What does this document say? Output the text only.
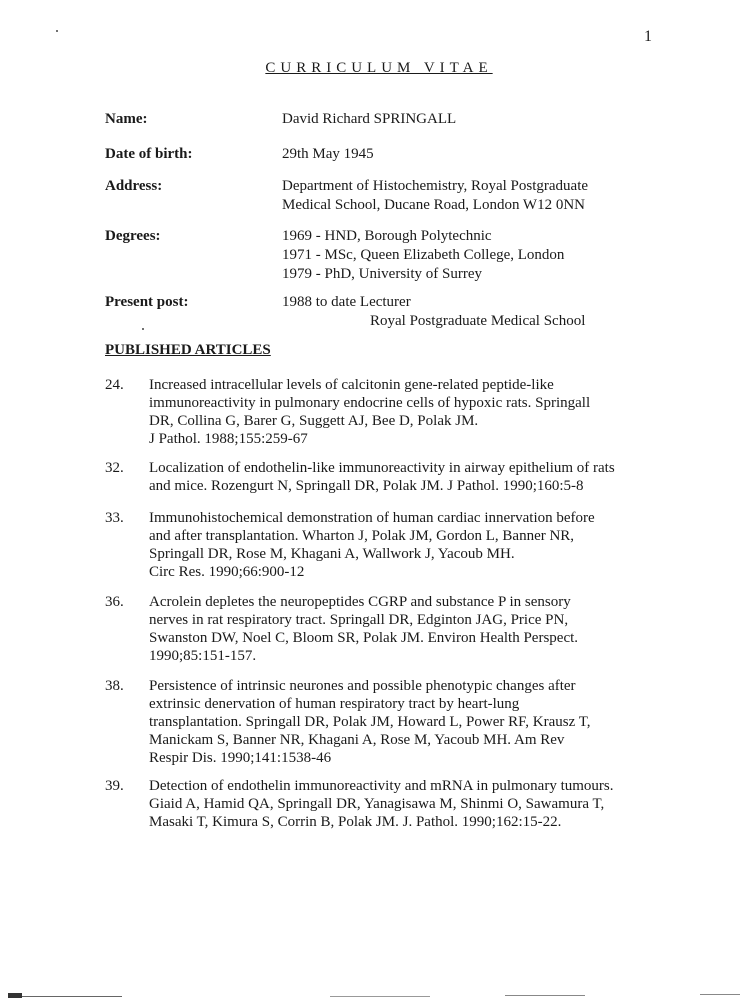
1
CURRICULUM VITAE
Name:	David Richard SPRINGALL
Date of birth:	29th May 1945
Address:	Department of Histochemistry, Royal Postgraduate
Medical School, Ducane Road, London W12 0NN
Degrees:	1969 - HND, Borough Polytechnic
1971 - MSc, Queen Elizabeth College, London
1979 - PhD, University of Surrey
Present post:	1988 to date Lecturer
Royal Postgraduate Medical School
PUBLISHED ARTICLES
24. Increased intracellular levels of calcitonin gene-related peptide-like
immunoreactivity in pulmonary endocrine cells of hypoxic rats. Springall
DR, Collina G, Barer G, Suggett AJ, Bee D, Polak JM.
J Pathol. 1988;155:259-67
32. Localization of endothelin-like immunoreactivity in airway epithelium of rats
and mice. Rozengurt N, Springall DR, Polak JM. J Pathol. 1990;160:5-8
33. Immunohistochemical demonstration of human cardiac innervation before
and after transplantation. Wharton J, Polak JM, Gordon L, Banner NR,
Springall DR, Rose M, Khagani A, Wallwork J, Yacoub MH.
Circ Res. 1990;66:900-12
36. Acrolein depletes the neuropeptides CGRP and substance P in sensory
nerves in rat respiratory tract. Springall DR, Edginton JAG, Price PN,
Swanston DW, Noel C, Bloom SR, Polak JM. Environ Health Perspect.
1990;85:151-157.
38. Persistence of intrinsic neurones and possible phenotypic changes after
extrinsic denervation of human respiratory tract by heart-lung
transplantation. Springall DR, Polak JM, Howard L, Power RF, Krausz T,
Manickam S, Banner NR, Khagani A, Rose M, Yacoub MH. Am Rev
Respir Dis. 1990;141:1538-46
39. Detection of endothelin immunoreactivity and mRNA in pulmonary tumours.
Giaid A, Hamid QA, Springall DR, Yanagisawa M, Shinmi O, Sawamura T,
Masaki T, Kimura S, Corrin B, Polak JM. J. Pathol. 1990;162:15-22.
